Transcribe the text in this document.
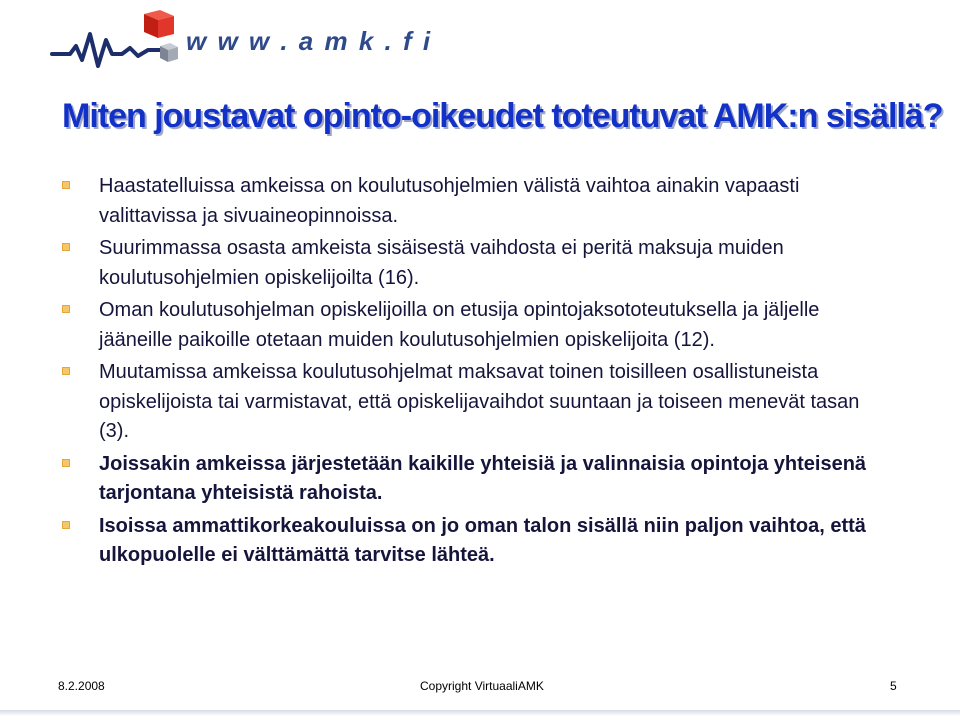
w w w . a m k . f i
Miten joustavat opinto-oikeudet toteutuvat AMK:n sisällä?
Haastatelluissa amkeissa on koulutusohjelmien välistä vaihtoa ainakin vapaasti valittavissa ja sivuaineopinnoissa.
Suurimmassa osasta amkeista sisäisestä vaihdosta ei peritä maksuja muiden koulutusohjelmien opiskelijoilta (16).
Oman koulutusohjelman opiskelijoilla on etusija opintojaksototeutuksella ja jäljelle jääneille paikoille otetaan muiden koulutusohjelmien opiskelijoita (12).
Muutamissa amkeissa koulutusohjelmat maksavat toinen toisilleen osallistuneista opiskelijoista tai varmistavat, että opiskelijavaihdot suuntaan ja toiseen menevät tasan (3).
Joissakin amkeissa järjestetään kaikille yhteisiä ja valinnaisia opintoja yhteisenä tarjontana yhteisistä rahoista.
Isoissa ammattikorkeakouluissa on jo oman talon sisällä niin paljon vaihtoa, että ulkopuolelle ei välttämättä tarvitse lähteä.
8.2.2008	Copyright VirtuaaliAMK	5
